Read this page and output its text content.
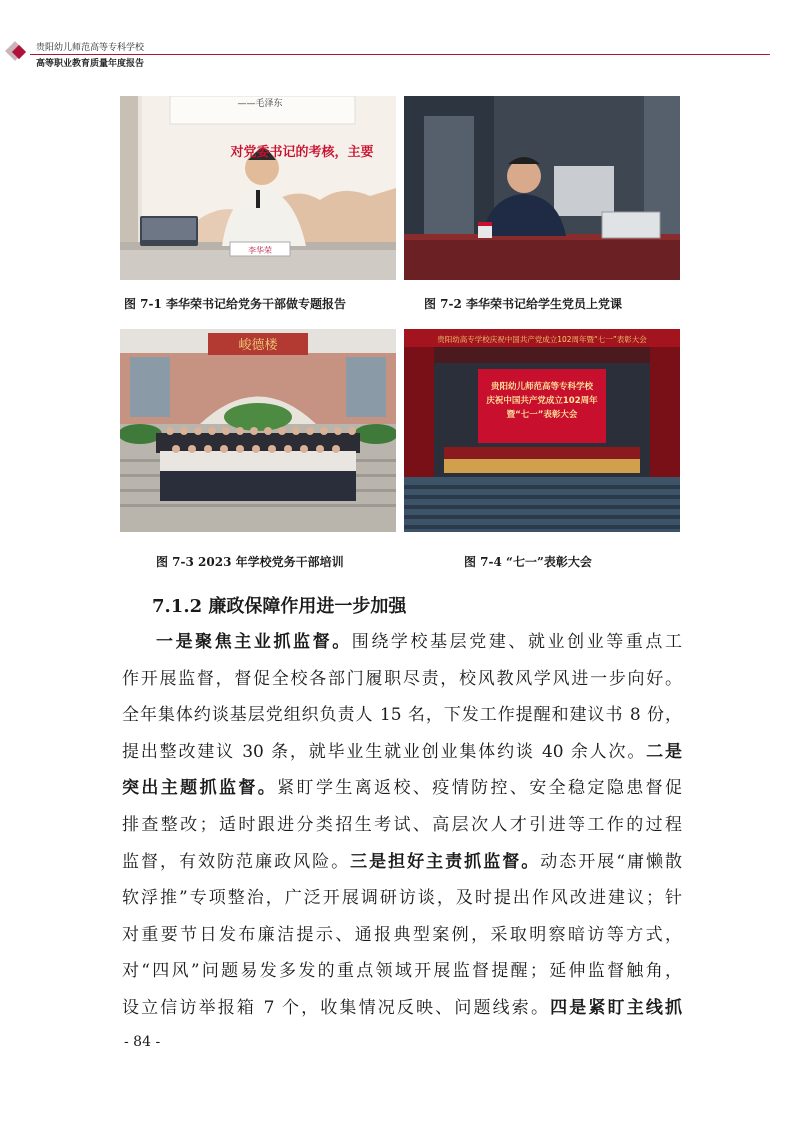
贵阳幼儿师范高等专科学校
高等职业教育质量年度报告
李华荣
——毛泽东
对党委书记的考核，主要
图 7-1 李华荣书记给党务干部做专题报告	图 7-2 李华荣书记给学生党员上党课
峻德楼	贵阳幼高专学校庆祝中国共产党成立102周年暨“七一”表彰大会
贵阳幼儿师范高等专科学校
庆祝中国共产党成立102周年
暨“七一”表彰大会
图 7-3 2023 年学校党务干部培训	图 7-4 “七一”表彰大会
7.1.2 廉政保障作用进一步加强
一是聚焦主业抓监督。围绕学校基层党建、就业创业等重点工
作开展监督，督促全校各部门履职尽责，校风教风学风进一步向好。
全年集体约谈基层党组织负责人 15 名，下发工作提醒和建议书 8 份，
提出整改建议 30 条，就毕业生就业创业集体约谈 40 余人次。二是
突出主题抓监督。紧盯学生离返校、疫情防控、安全稳定隐患督促
排查整改；适时跟进分类招生考试、高层次人才引进等工作的过程
监督，有效防范廉政风险。三是担好主责抓监督。动态开展“庸懒散
软浮推”专项整治，广泛开展调研访谈，及时提出作风改进建议；针
对重要节日发布廉洁提示、通报典型案例，采取明察暗访等方式，
对“四风”问题易发多发的重点领域开展监督提醒；延伸监督触角，
设立信访举报箱 7 个，收集情况反映、问题线索。四是紧盯主线抓
- 84 -
